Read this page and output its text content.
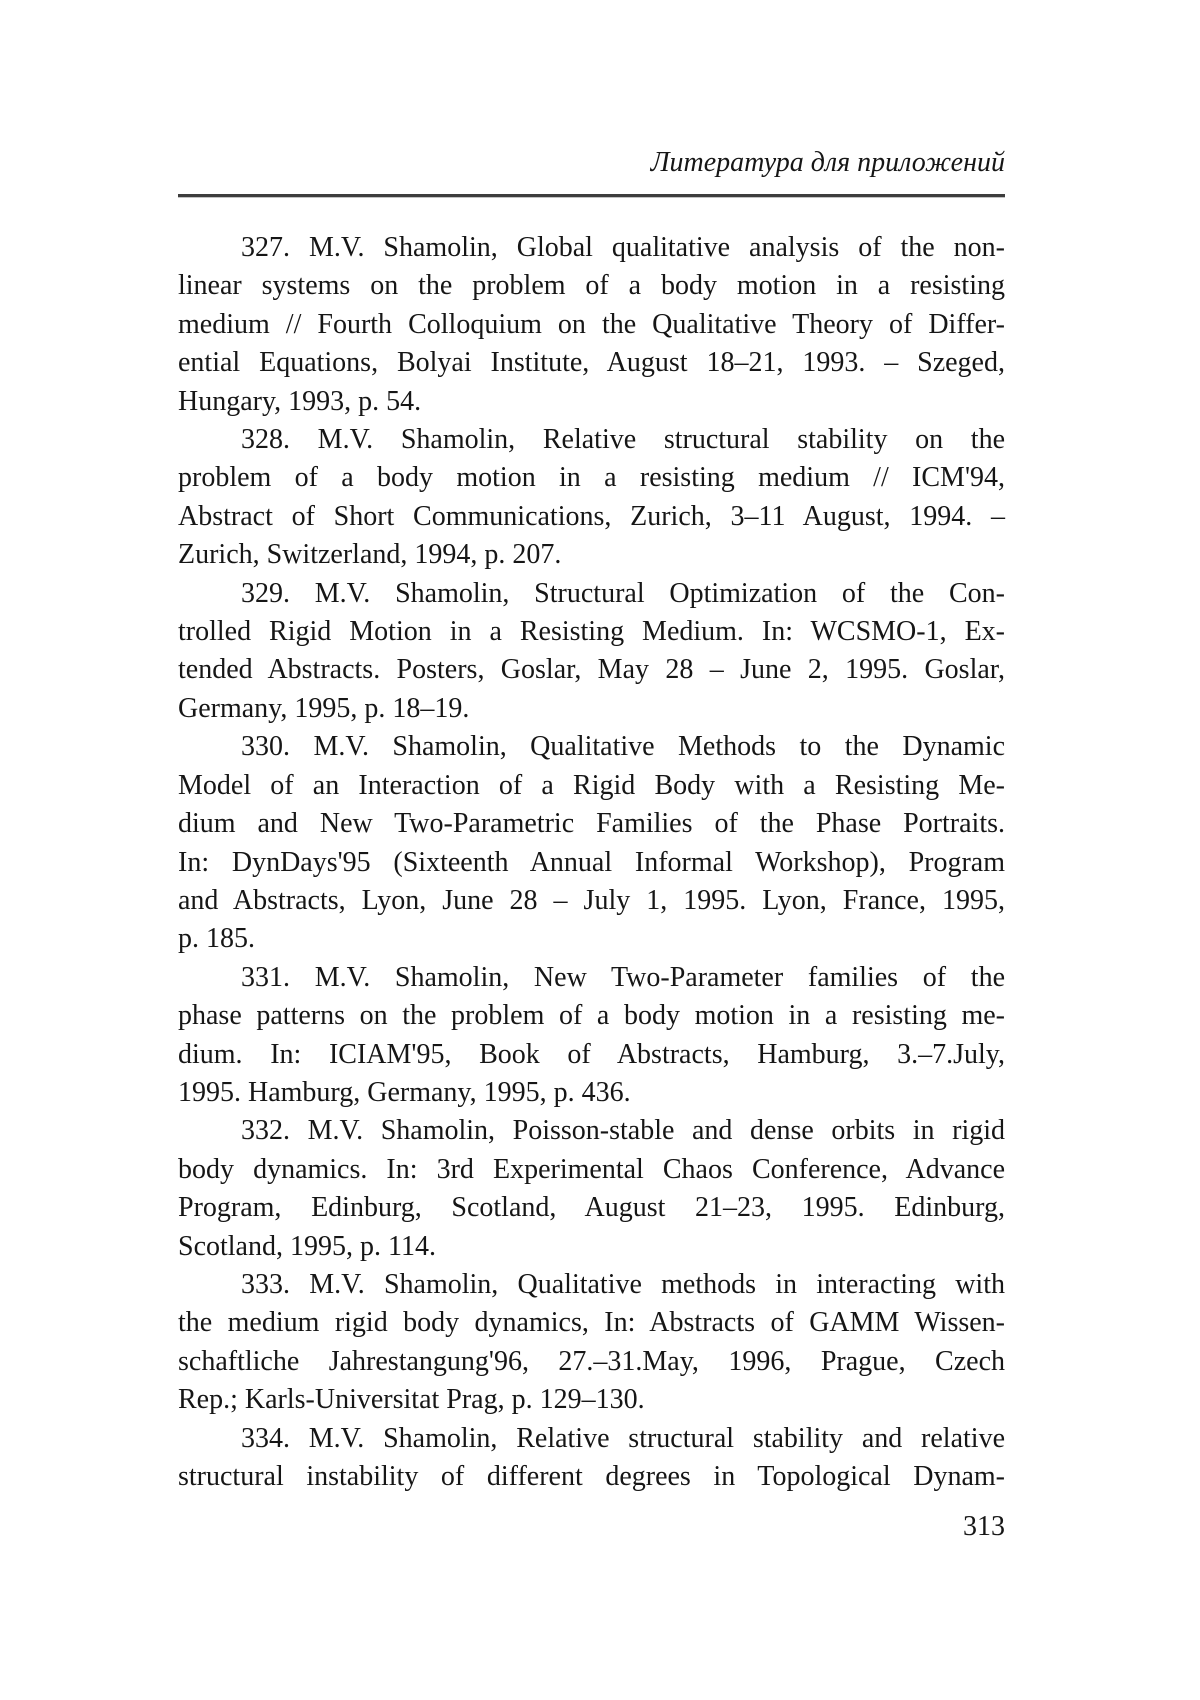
Литература для приложений
327. M.V. Shamolin, Global qualitative analysis of the non-
linear systems on the problem of a body motion in a resisting
medium // Fourth Colloquium on the Qualitative Theory of Differ-
ential Equations, Bolyai Institute, August 18–21, 1993. – Szeged,
Hungary, 1993, p. 54.
328. M.V. Shamolin, Relative structural stability on the
problem of a body motion in a resisting medium // ICM'94,
Abstract of Short Communications, Zurich, 3–11 August, 1994. –
Zurich, Switzerland, 1994, p. 207.
329. M.V. Shamolin, Structural Optimization of the Con-
trolled Rigid Motion in a Resisting Medium. In: WCSMO-1, Ex-
tended Abstracts. Posters, Goslar, May 28 – June 2, 1995. Goslar,
Germany, 1995, p. 18–19.
330. M.V. Shamolin, Qualitative Methods to the Dynamic
Model of an Interaction of a Rigid Body with a Resisting Me-
dium and New Two-Parametric Families of the Phase Portraits.
In: DynDays'95 (Sixteenth Annual Informal Workshop), Program
and Abstracts, Lyon, June 28 – July 1, 1995. Lyon, France, 1995,
p. 185.
331. M.V. Shamolin, New Two-Parameter families of the
phase patterns on the problem of a body motion in a resisting me-
dium. In: ICIAM'95, Book of Abstracts, Hamburg, 3.–7.July,
1995. Hamburg, Germany, 1995, p. 436.
332. M.V. Shamolin, Poisson-stable and dense orbits in rigid
body dynamics. In: 3rd Experimental Chaos Conference, Advance
Program, Edinburg, Scotland, August 21–23, 1995. Edinburg,
Scotland, 1995, p. 114.
333. M.V. Shamolin, Qualitative methods in interacting with
the medium rigid body dynamics, In: Abstracts of GAMM Wissen-
schaftliche Jahrestangung'96, 27.–31.May, 1996, Prague, Czech
Rep.; Karls-Universitat Prag, p. 129–130.
334. M.V. Shamolin, Relative structural stability and relative
structural instability of different degrees in Topological Dynam-
313
